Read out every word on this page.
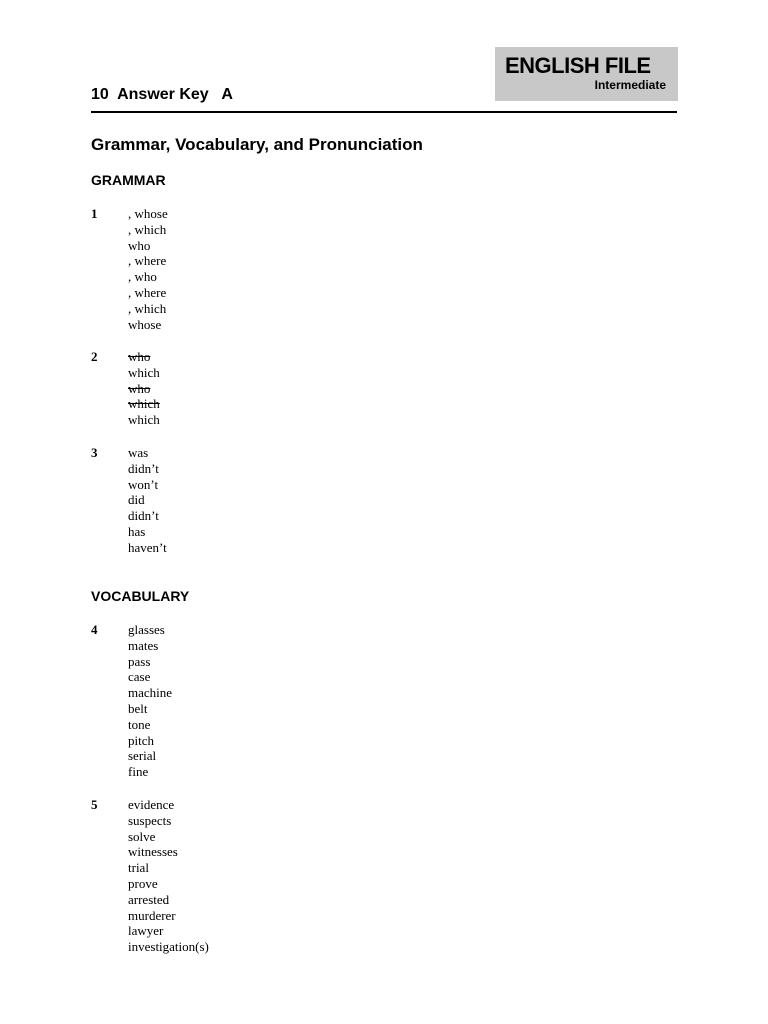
ENGLISH FILE
Intermediate
10  Answer Key   A
Grammar, Vocabulary, and Pronunciation
GRAMMAR
VOCABULARY
1	, whose
, which
who
, where
, who
, where
, which
whose
2	who
which
who
which
which
3	was
didn’t
won’t
did
didn’t
has
haven’t
4	glasses
mates
pass
case
machine
belt
tone
pitch
serial
fine
5	evidence
suspects
solve
witnesses
trial
prove
arrested
murderer
lawyer
investigation(s)
